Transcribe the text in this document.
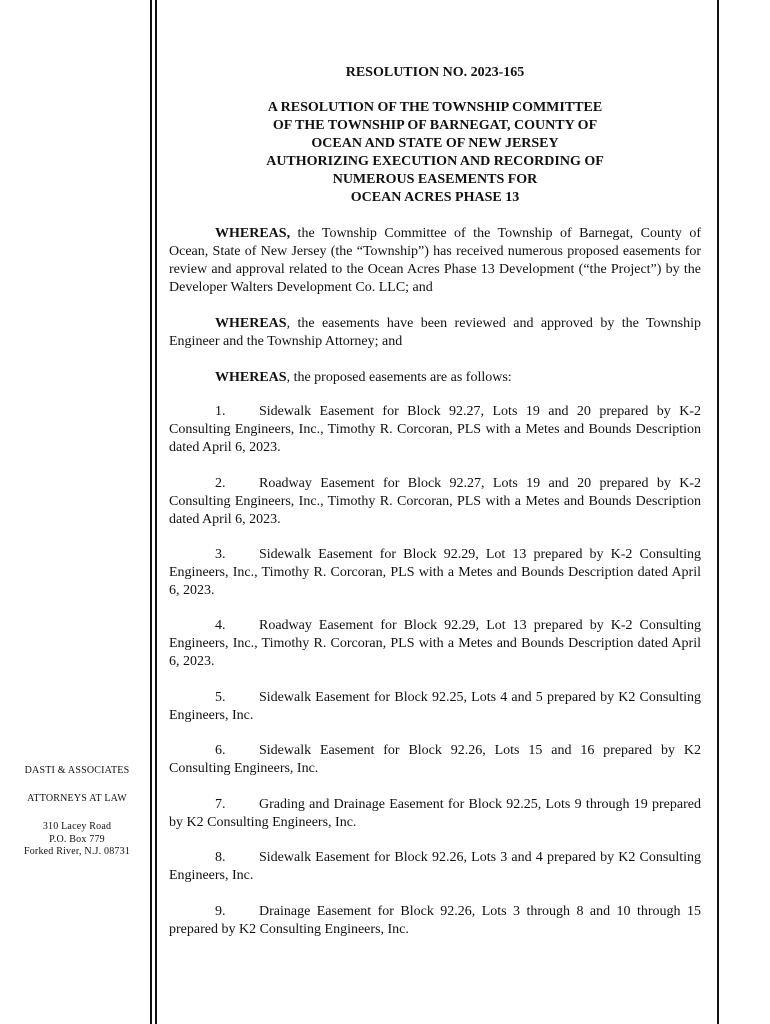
DASTI & ASSOCIATES
ATTORNEYS AT LAW
310 Lacey Road
P.O. Box 779
Forked River, N.J. 08731
RESOLUTION NO. 2023-165
A RESOLUTION OF THE TOWNSHIP COMMITTEE
OF THE TOWNSHIP OF BARNEGAT, COUNTY OF
OCEAN AND STATE OF NEW JERSEY
AUTHORIZING EXECUTION AND RECORDING OF
NUMEROUS EASEMENTS FOR
OCEAN ACRES PHASE 13
WHEREAS, the Township Committee of the Township of Barnegat, County of Ocean, State of New Jersey (the “Township”) has received numerous proposed easements for review and approval related to the Ocean Acres Phase 13 Development (“the Project”) by the Developer Walters Development Co. LLC; and
WHEREAS, the easements have been reviewed and approved by the Township Engineer and the Township Attorney; and
WHEREAS, the proposed easements are as follows:
1. Sidewalk Easement for Block 92.27, Lots 19 and 20 prepared by K-2 Consulting Engineers, Inc., Timothy R. Corcoran, PLS with a Metes and Bounds Description dated April 6, 2023.
2. Roadway Easement for Block 92.27, Lots 19 and 20 prepared by K-2 Consulting Engineers, Inc., Timothy R. Corcoran, PLS with a Metes and Bounds Description dated April 6, 2023.
3. Sidewalk Easement for Block 92.29, Lot 13 prepared by K-2 Consulting Engineers, Inc., Timothy R. Corcoran, PLS with a Metes and Bounds Description dated April 6, 2023.
4. Roadway Easement for Block 92.29, Lot 13 prepared by K-2 Consulting Engineers, Inc., Timothy R. Corcoran, PLS with a Metes and Bounds Description dated April 6, 2023.
5. Sidewalk Easement for Block 92.25, Lots 4 and 5 prepared by K2 Consulting Engineers, Inc.
6. Sidewalk Easement for Block 92.26, Lots 15 and 16 prepared by K2 Consulting Engineers, Inc.
7. Grading and Drainage Easement for Block 92.25, Lots 9 through 19 prepared by K2 Consulting Engineers, Inc.
8. Sidewalk Easement for Block 92.26, Lots 3 and 4 prepared by K2 Consulting Engineers, Inc.
9. Drainage Easement for Block 92.26, Lots 3 through 8 and 10 through 15 prepared by K2 Consulting Engineers, Inc.
